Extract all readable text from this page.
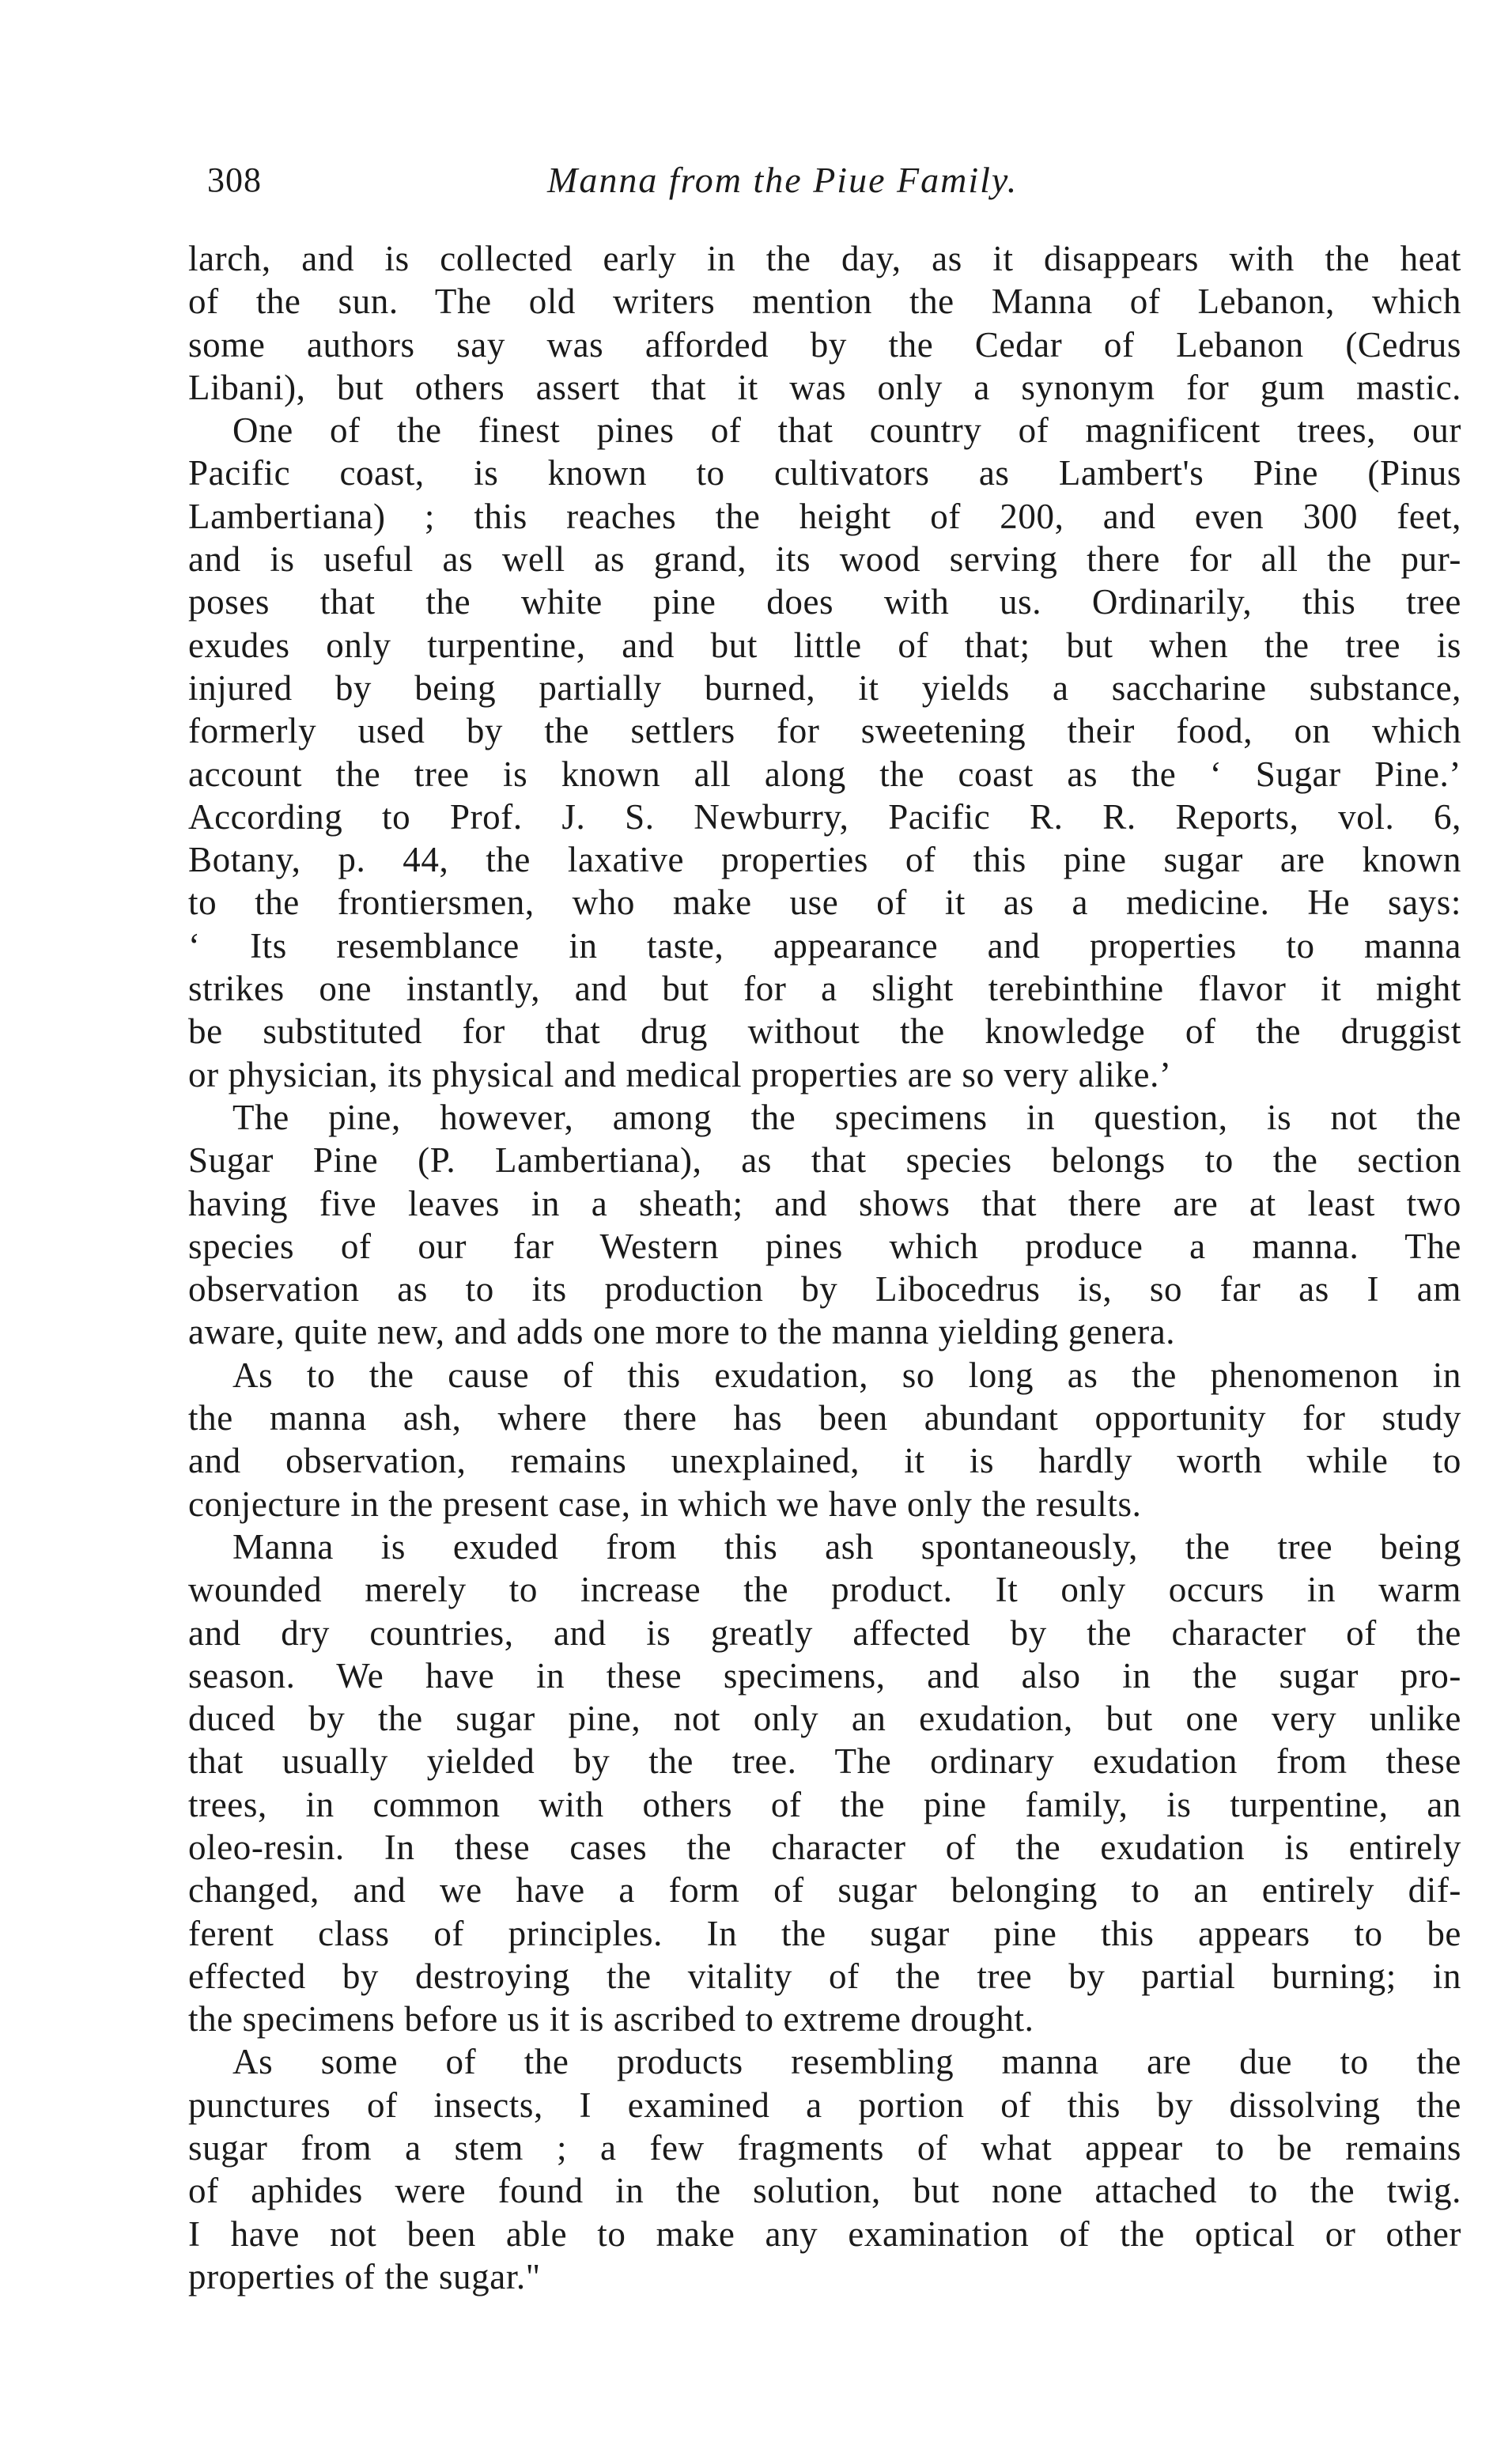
308	Manna from the Piue Family.
larch, and is collected early in the day, as it disappears with the heat
of the sun. The old writers mention the Manna of Lebanon, which
some authors say was afforded by the Cedar of Lebanon (Cedrus
Libani), but others assert that it was only a synonym for gum mastic.
One of the finest pines of that country of magnificent trees, our
Pacific coast, is known to cultivators as Lambert's Pine (Pinus
Lambertiana) ; this reaches the height of 200, and even 300 feet,
and is useful as well as grand, its wood serving there for all the pur-
poses that the white pine does with us. Ordinarily, this tree
exudes only turpentine, and but little of that; but when the tree is
injured by being partially burned, it yields a saccharine substance,
formerly used by the settlers for sweetening their food, on which
account the tree is known all along the coast as the ‘ Sugar Pine.’
According to Prof. J. S. Newburry, Pacific R. R. Reports, vol. 6,
Botany, p. 44, the laxative properties of this pine sugar are known
to the frontiersmen, who make use of it as a medicine. He says:
‘ Its resemblance in taste, appearance and properties to manna
strikes one instantly, and but for a slight terebinthine flavor it might
be substituted for that drug without the knowledge of the druggist
or physician, its physical and medical properties are so very alike.’
The pine, however, among the specimens in question, is not the
Sugar Pine (P. Lambertiana), as that species belongs to the section
having five leaves in a sheath; and shows that there are at least two
species of our far Western pines which produce a manna. The
observation as to its production by Libocedrus is, so far as I am
aware, quite new, and adds one more to the manna yielding genera.
As to the cause of this exudation, so long as the phenomenon in
the manna ash, where there has been abundant opportunity for study
and observation, remains unexplained, it is hardly worth while to
conjecture in the present case, in which we have only the results.
Manna is exuded from this ash spontaneously, the tree being
wounded merely to increase the product. It only occurs in warm
and dry countries, and is greatly affected by the character of the
season. We have in these specimens, and also in the sugar pro-
duced by the sugar pine, not only an exudation, but one very unlike
that usually yielded by the tree. The ordinary exudation from these
trees, in common with others of the pine family, is turpentine, an
oleo-resin. In these cases the character of the exudation is entirely
changed, and we have a form of sugar belonging to an entirely dif-
ferent class of principles. In the sugar pine this appears to be
effected by destroying the vitality of the tree by partial burning; in
the specimens before us it is ascribed to extreme drought.
As some of the products resembling manna are due to the
punctures of insects, I examined a portion of this by dissolving the
sugar from a stem ; a few fragments of what appear to be remains
of aphides were found in the solution, but none attached to the twig.
I have not been able to make any examination of the optical or other
properties of the sugar."
